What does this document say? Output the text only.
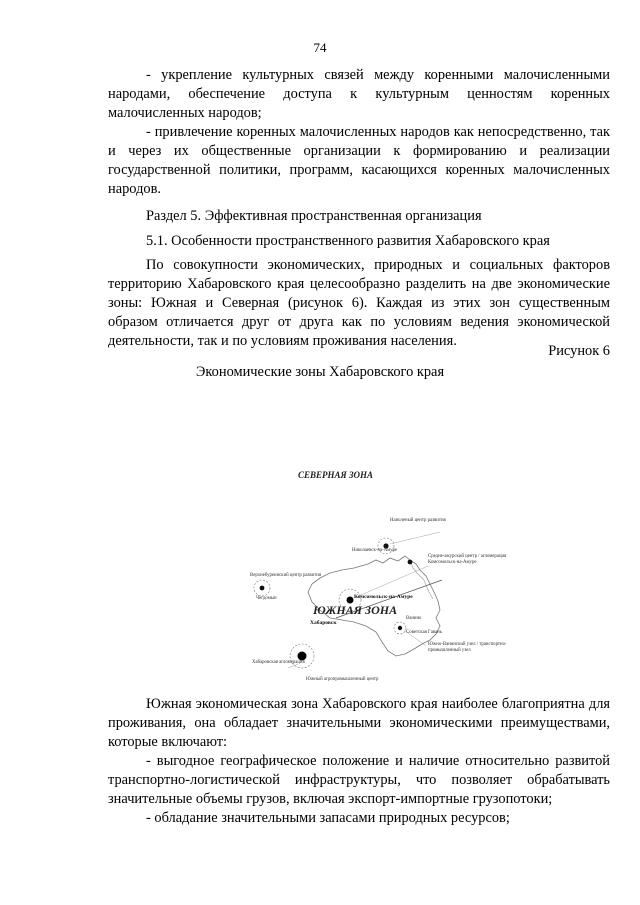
74

- укрепление культурных связей между коренными малочисленными народами, обеспечение доступа к культурным ценностям коренных малочисленных народов;

- привлечение коренных малочисленных народов как непосредственно, так и через их общественные организации к формированию и реализации государственной политики, программ, касающихся коренных малочисленных народов.

Раздел 5. Эффективная пространственная организация
5.1. Особенности пространственного развития Хабаровского края

По совокупности экономических, природных и социальных факторов территорию Хабаровского края целесообразно разделить на две экономические зоны: Южная и Северная (рисунок 6). Каждая из этих зон существенным образом отличается друг от друга как по условиям ведения экономической деятельности, так и по условиям проживания населения.

Рисунок 6
Экономические зоны Хабаровского края
СЕВЕРНАЯ ЗОНА
ЮЖНАЯ ЗОНА
Наиоленый центр развития
Николаевск-на-Амуре
Средне-амурский центр / агломерация Комсомольск-на-Амуре
Верхнебуреинский центр развития
Чегдомын	Комсомольск-на-Амуре
Ванино
Советская Гавань
Хабаровск
Южно-Ванинский узел / транспортно-промышленный узел
Хабаровская агломерация
Южный агропромышленный центр

Южная экономическая зона Хабаровского края наиболее благоприятна для проживания, она обладает значительными экономическими преимуществами, которые включают:

- выгодное географическое положение и наличие относительно развитой транспортно-логистической инфраструктуры, что позволяет обрабатывать значительные объемы грузов, включая экспорт-импортные грузопотоки;

- обладание значительными запасами природных ресурсов;
